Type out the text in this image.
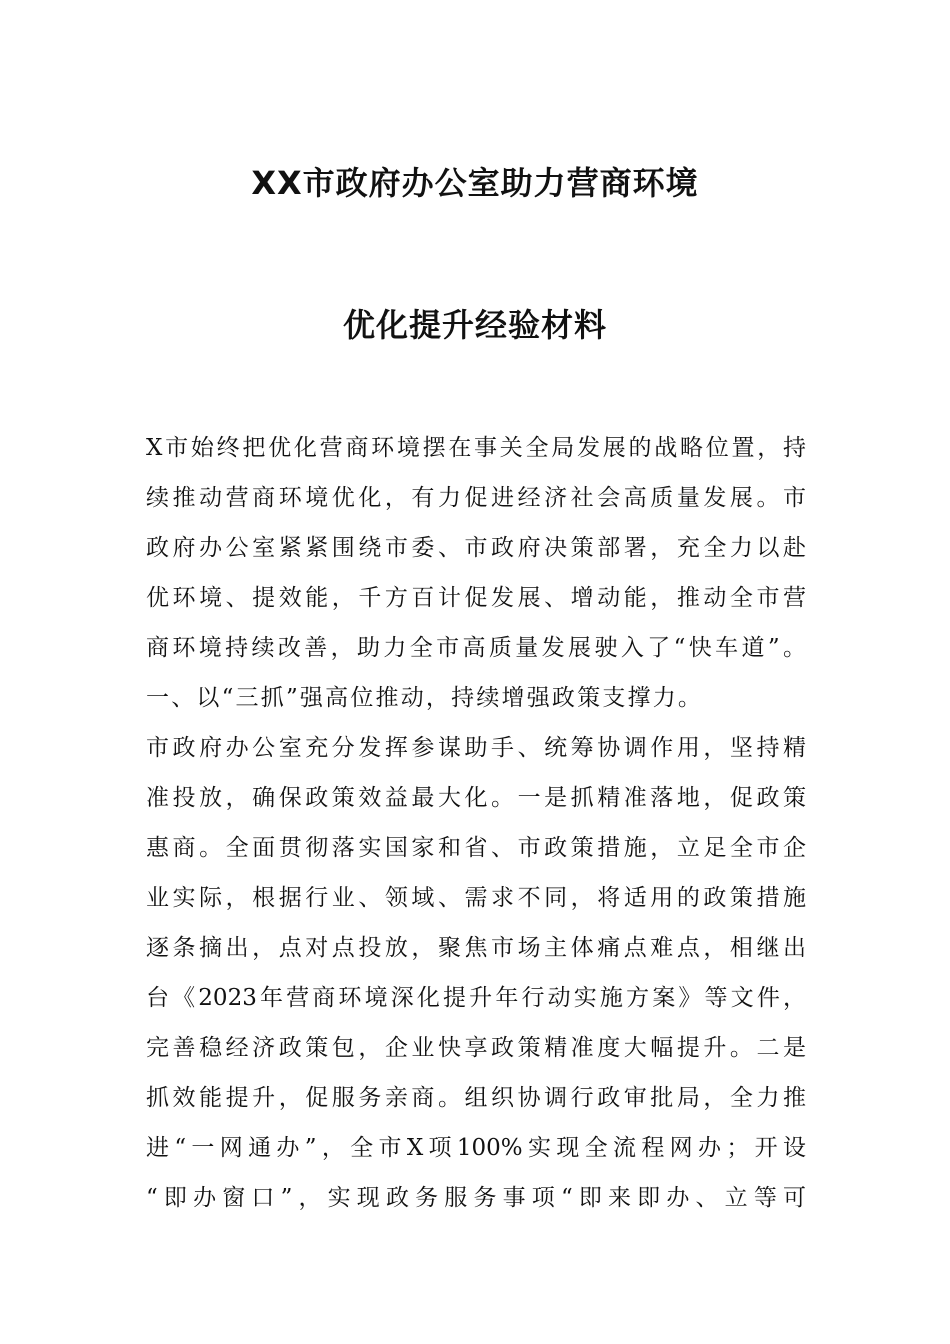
XX市政府办公室助力营商环境
优化提升经验材料
X市始终把优化营商环境摆在事关全局发展的战略位置，持
续推动营商环境优化，有力促进经济社会高质量发展。市
政府办公室紧紧围绕市委、市政府决策部署，充全力以赴
优环境、提效能，千方百计促发展、增动能，推动全市营
商环境持续改善，助力全市高质量发展驶入了“快车道”。
一、以“三抓”强高位推动，持续增强政策支撑力。
市政府办公室充分发挥参谋助手、统筹协调作用，坚持精
准投放，确保政策效益最大化。一是抓精准落地，促政策
惠商。全面贯彻落实国家和省、市政策措施，立足全市企
业实际，根据行业、领域、需求不同，将适用的政策措施
逐条摘出，点对点投放，聚焦市场主体痛点难点，相继出
台《2023年营商环境深化提升年行动实施方案》等文件，
完善稳经济政策包，企业快享政策精准度大幅提升。二是
抓效能提升，促服务亲商。组织协调行政审批局，全力推
进“一网通办”，全市X项100%实现全流程网办；开设
“即办窗口”，实现政务服务事项“即来即办、立等可
